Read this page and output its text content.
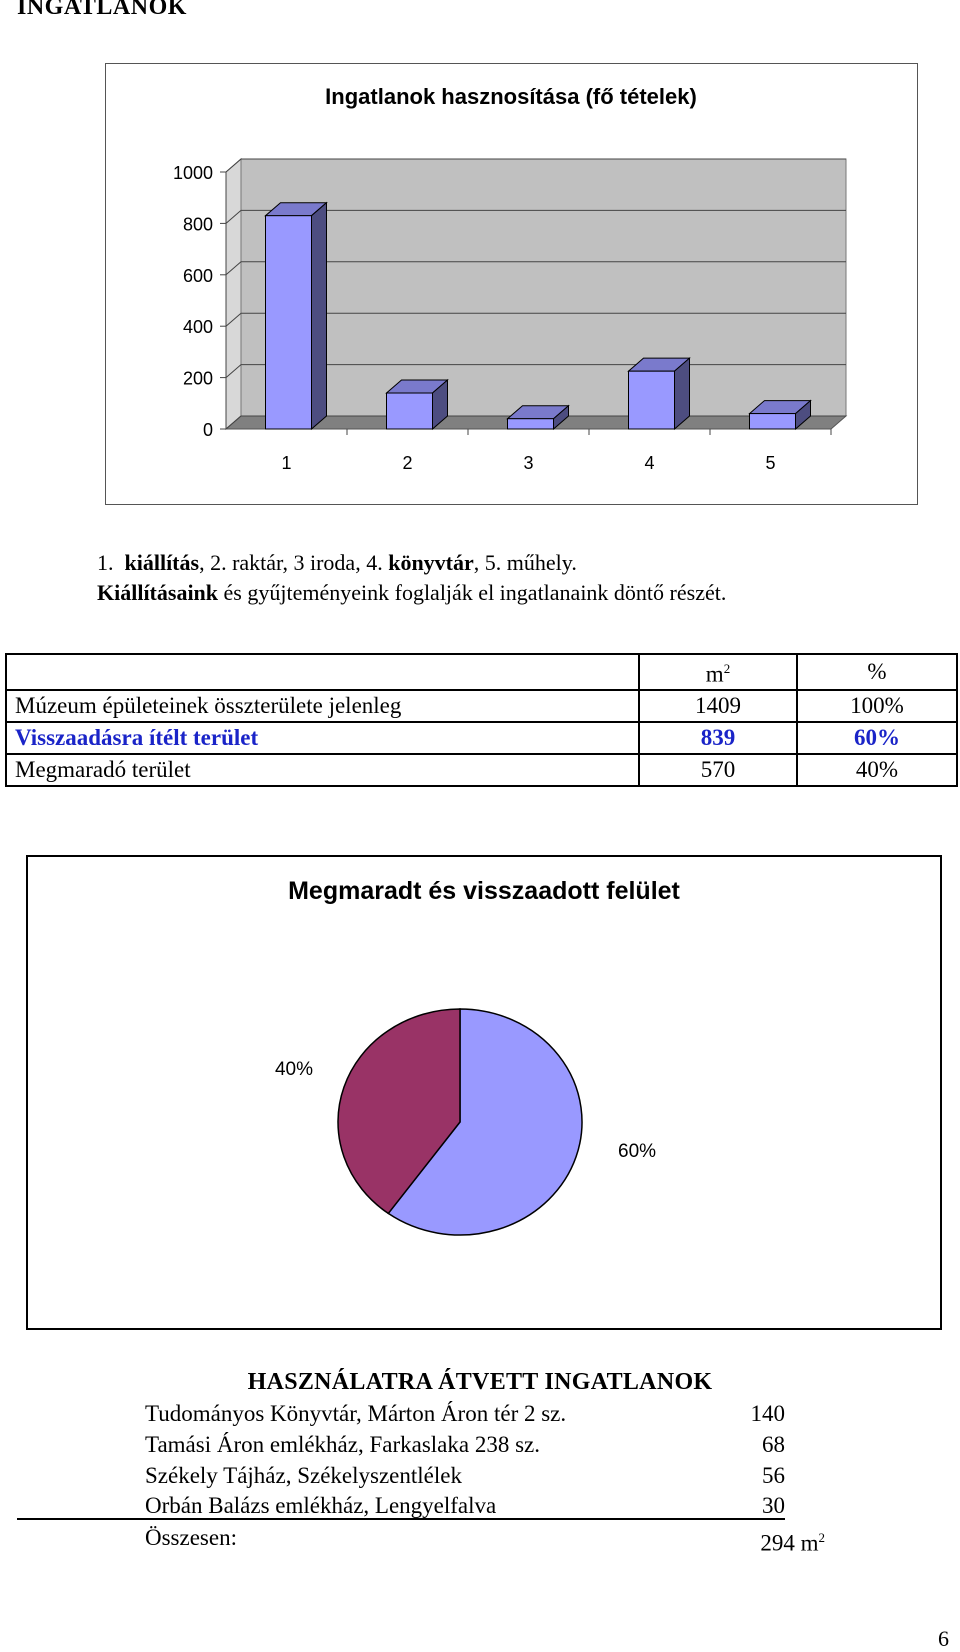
INGATLANOK
Ingatlanok hasznosítása (fő tételek)
0
200
400
600
800
1000
1	2	3	4	5
1. kiállítás, 2. raktár, 3 iroda, 4. könyvtár, 5. műhely.
Kiállításaink és gyűjteményeink foglalják el ingatlanaink döntő részét.
	$m^2$	%
Múzeum épületeinek összterülete jelenleg	1409	100%
Visszaadásra ítélt terület	839	60%
Megmaradó terület	570	40%
Megmaradt és visszaadott felület
60%
40%
HASZNÁLATRA ÁTVETT INGATLANOK
Tudományos Könyvtár, Márton Áron tér 2 sz.	140
Tamási Áron emlékház, Farkaslaka 238 sz.	68
Székely Tájház, Székelyszentlélek	56
Orbán Balázs emlékház, Lengyelfalva	30
Összesen:	294 $m^2$
6
